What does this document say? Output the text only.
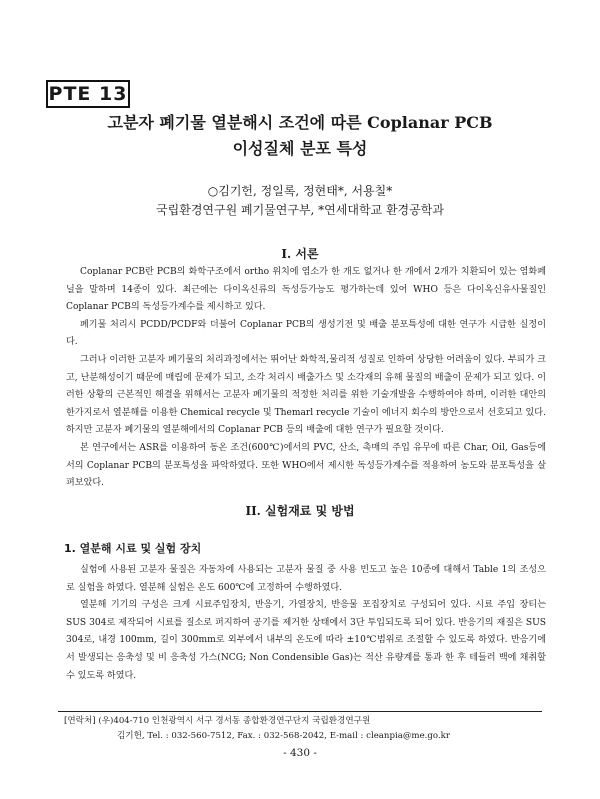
PTE 13
고분자 폐기물 열분해시 조건에 따른 Coplanar PCB
이성질체 분포 특성
○김기헌, 정일록, 정현태*, 서용칠*
국립환경연구원 폐기물연구부, *연세대학교 환경공학과
I. 서론

Coplanar PCB란 PCB의 화학구조에서 ortho 위치에 염소가 한 개도 없거나 한 개에서 2개가 치환되어 있는 염화페닐을 말하며 14종이 있다. 최근에는 다이옥신류의 독성등가능도 평가하는데 있어 WHO 등은 다이옥신유사물질인 Coplanar PCB의 독성등가계수를 제시하고 있다.

폐기물 처리시 PCDD/PCDF와 더불어 Coplanar PCB의 생성기전 및 배출 분포특성에 대한 연구가 시급한 실정이다.

그러나 이러한 고분자 폐기물의 처리과정에서는 뛰어난 화학적,물리적 성질로 인하여 상당한 어려움이 있다. 부피가 크고, 난분해성이기 때문에 매립에 문제가 되고, 소각 처리시 배출가스 및 소각재의 유해 물질의 배출이 문제가 되고 있다. 이러한 상황의 근본적인 해결을 위해서는 고분자 폐기물의 적정한 처리를 위한 기술개발을 수행하여야 하며, 이러한 대안의 한가지로서 열분해를 이용한 Chemical recycle 및 Themarl recycle 기술이 에너지 회수의 방안으로서 선호되고 있다. 하지만 고분자 폐기물의 열분해에서의 Coplanar PCB 등의 배출에 대한 연구가 필요할 것이다.

본 연구에서는 ASR를 이용하여 동온 조건(600℃)에서의 PVC, 산소, 촉매의 주입 유무에 따른 Char, Oil, Gas등에서의 Coplanar PCB의 분포특성을 파악하였다. 또한 WHO에서 제시한 독성등가계수를 적용하여 농도와 분포특성을 살펴보았다.

II. 실험재료 및 방법
1. 열분해 시료 및 실험 장치

실험에 사용된 고분자 물질은 자동차에 사용되는 고분자 물질 중 사용 빈도고 높은 10종에 대해서 Table 1의 조성으로 실험을 하였다. 열분해 실험은 온도 600℃에 고정하여 수행하였다.

열분해 기기의 구성은 크게 시료주입장치, 반응기, 가열장치, 반응물 포집장치로 구성되어 있다. 시료 주입 장티는 SUS 304로 제작되어 시료를 질소로 퍼지하여 공기를 제거한 상태에서 3단 투입되도록 되어 있다. 반응기의 재질은 SUS 304로, 내경 100mm, 길이 300mm로 외부에서 내부의 온도에 따라 ±10℃범위로 조절할 수 있도록 하였다. 반응기에서 발생되는 응축성 및 비 응축성 가스(NCG; Non Condensible Gas)는 적산 유량계를 통과 한 후 테들러 백에 채취할 수 있도록 하였다.

[연락처] (우)404-710 인천광역시 서구 경서동 종합환경연구단지 국립환경연구원
김기헌, Tel. : 032-560-7512, Fax. : 032-568-2042, E-mail : cleanpia@me.go.kr
- 430 -
